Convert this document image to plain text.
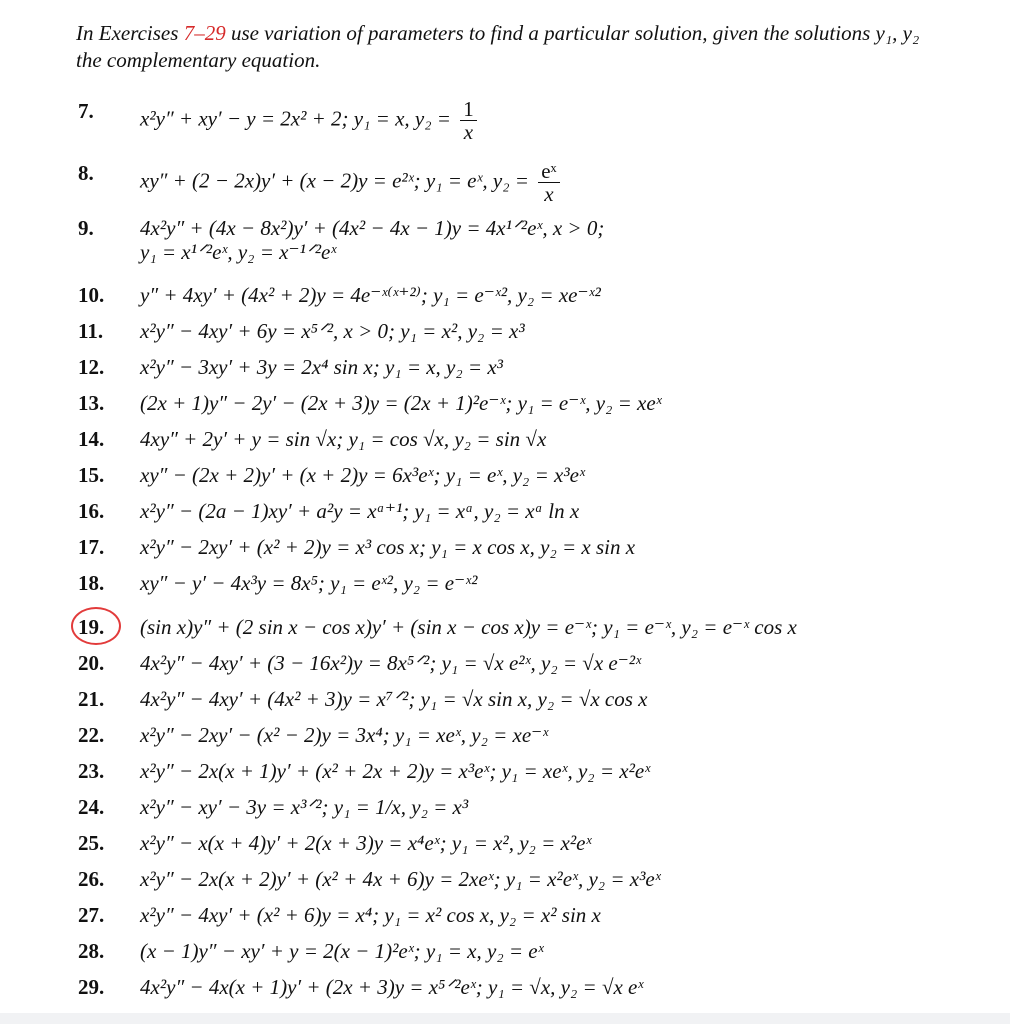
In Exercises 7–29 use variation of parameters to find a particular solution, given the solutions y₁, y₂
the complementary equation.
7. x²y″ + xy′ − y = 2x² + 2; y₁ = x, $y_2 = \frac{1}{x}$
8. xy″ + (2 − 2x)y′ + (x − 2)y = e²ˣ; y₁ = eˣ, $y_2 = \frac{\text{eˣ}}{x}$
9. 4x²y″ + (4x − 8x²)y′ + (4x² − 4x − 1)y = 4x¹ᐟ²eˣ, x > 0;
y₁ = x¹ᐟ²eˣ, y₂ = x⁻¹ᐟ²eˣ
10. y″ + 4xy′ + (4x² + 2)y = 4e⁻ˣ⁽ˣ⁺²⁾; y₁ = e⁻ˣ², y₂ = xe⁻ˣ²
11. x²y″ − 4xy′ + 6y = x⁵ᐟ², x > 0; y₁ = x², y₂ = x³
12. x²y″ − 3xy′ + 3y = 2x⁴ sin x; y₁ = x, y₂ = x³
13. (2x + 1)y″ − 2y′ − (2x + 3)y = (2x + 1)²e⁻ˣ; y₁ = e⁻ˣ, y₂ = xeˣ
14. 4xy″ + 2y′ + y = sin √x; y₁ = cos √x, y₂ = sin √x
15. xy″ − (2x + 2)y′ + (x + 2)y = 6x³eˣ; y₁ = eˣ, y₂ = x³eˣ
16. x²y″ − (2a − 1)xy′ + a²y = xᵃ⁺¹; y₁ = xᵃ, y₂ = xᵃ ln x
17. x²y″ − 2xy′ + (x² + 2)y = x³ cos x; y₁ = x cos x, y₂ = x sin x
18. xy″ − y′ − 4x³y = 8x⁵; y₁ = eˣ², y₂ = e⁻ˣ²
19. (sin x)y″ + (2 sin x − cos x)y′ + (sin x − cos x)y = e⁻ˣ; y₁ = e⁻ˣ, y₂ = e⁻ˣ cos x
20. 4x²y″ − 4xy′ + (3 − 16x²)y = 8x⁵ᐟ²; y₁ = √x e²ˣ, y₂ = √x e⁻²ˣ
21. 4x²y″ − 4xy′ + (4x² + 3)y = x⁷ᐟ²; y₁ = √x sin x, y₂ = √x cos x
22. x²y″ − 2xy′ − (x² − 2)y = 3x⁴; y₁ = xeˣ, y₂ = xe⁻ˣ
23. x²y″ − 2x(x + 1)y′ + (x² + 2x + 2)y = x³eˣ; y₁ = xeˣ, y₂ = x²eˣ
24. x²y″ − xy′ − 3y = x³ᐟ²; y₁ = 1/x, y₂ = x³
25. x²y″ − x(x + 4)y′ + 2(x + 3)y = x⁴eˣ; y₁ = x², y₂ = x²eˣ
26. x²y″ − 2x(x + 2)y′ + (x² + 4x + 6)y = 2xeˣ; y₁ = x²eˣ, y₂ = x³eˣ
27. x²y″ − 4xy′ + (x² + 6)y = x⁴; y₁ = x² cos x, y₂ = x² sin x
28. (x − 1)y″ − xy′ + y = 2(x − 1)²eˣ; y₁ = x, y₂ = eˣ
29. 4x²y″ − 4x(x + 1)y′ + (2x + 3)y = x⁵ᐟ²eˣ; y₁ = √x, y₂ = √x eˣ
